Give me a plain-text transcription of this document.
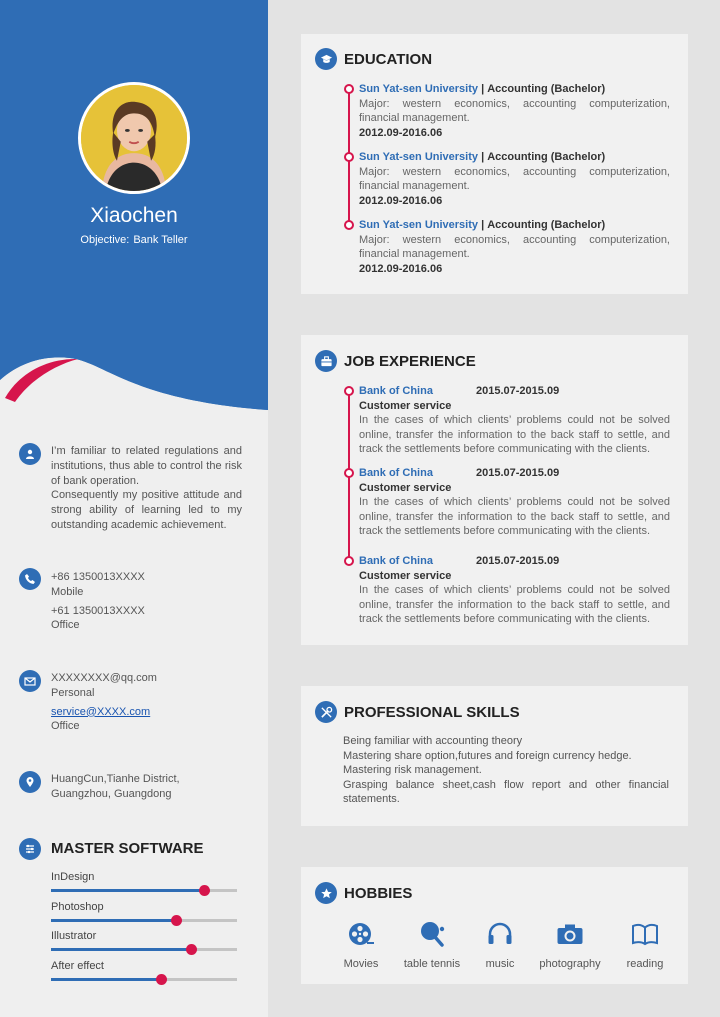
Xiaochen
Objective: Bank Teller
I’m familiar to related regulations and institutions, thus able to control the risk of bank operation.
Consequently my positive attitude and strong ability of learning led to my outstanding academic achievement.
+86 1350013XXXX
Mobile
+61 1350013XXXX
Office
XXXXXXXX@qq.com
Personal
service@XXXX.com
Office
HuangCun,Tianhe District, Guangzhou, Guangdong
MASTER SOFTWARE
InDesign
Photoshop
Illustrator
After effect
EDUCATION
Sun Yat-sen University | Accounting (Bachelor)
Major: western economics, accounting computerization, financial management.
2012.09-2016.06
Sun Yat-sen University | Accounting (Bachelor)
Major: western economics, accounting computerization, financial management.
2012.09-2016.06
Sun Yat-sen University | Accounting (Bachelor)
Major: western economics, accounting computerization, financial management.
2012.09-2016.06
JOB EXPERIENCE
Bank of China	2015.07-2015.09
Customer service
In the cases of which clients’ problems could not be solved online, transfer the information to the back staff to settle, and track the settlements before communicating with the clients.
Bank of China	2015.07-2015.09
Customer service
In the cases of which clients’ problems could not be solved online, transfer the information to the back staff to settle, and track the settlements before communicating with the clients.
Bank of China	2015.07-2015.09
Customer service
In the cases of which clients’ problems could not be solved online, transfer the information to the back staff to settle, and track the settlements before communicating with the clients.
PROFESSIONAL SKILLS
Being familiar with accounting theory
Mastering share option,futures and foreign currency hedge.
Mastering risk management.
Grasping balance sheet,cash flow report and other financial statements.
HOBBIES
Movies	table tennis	music	photography	reading
